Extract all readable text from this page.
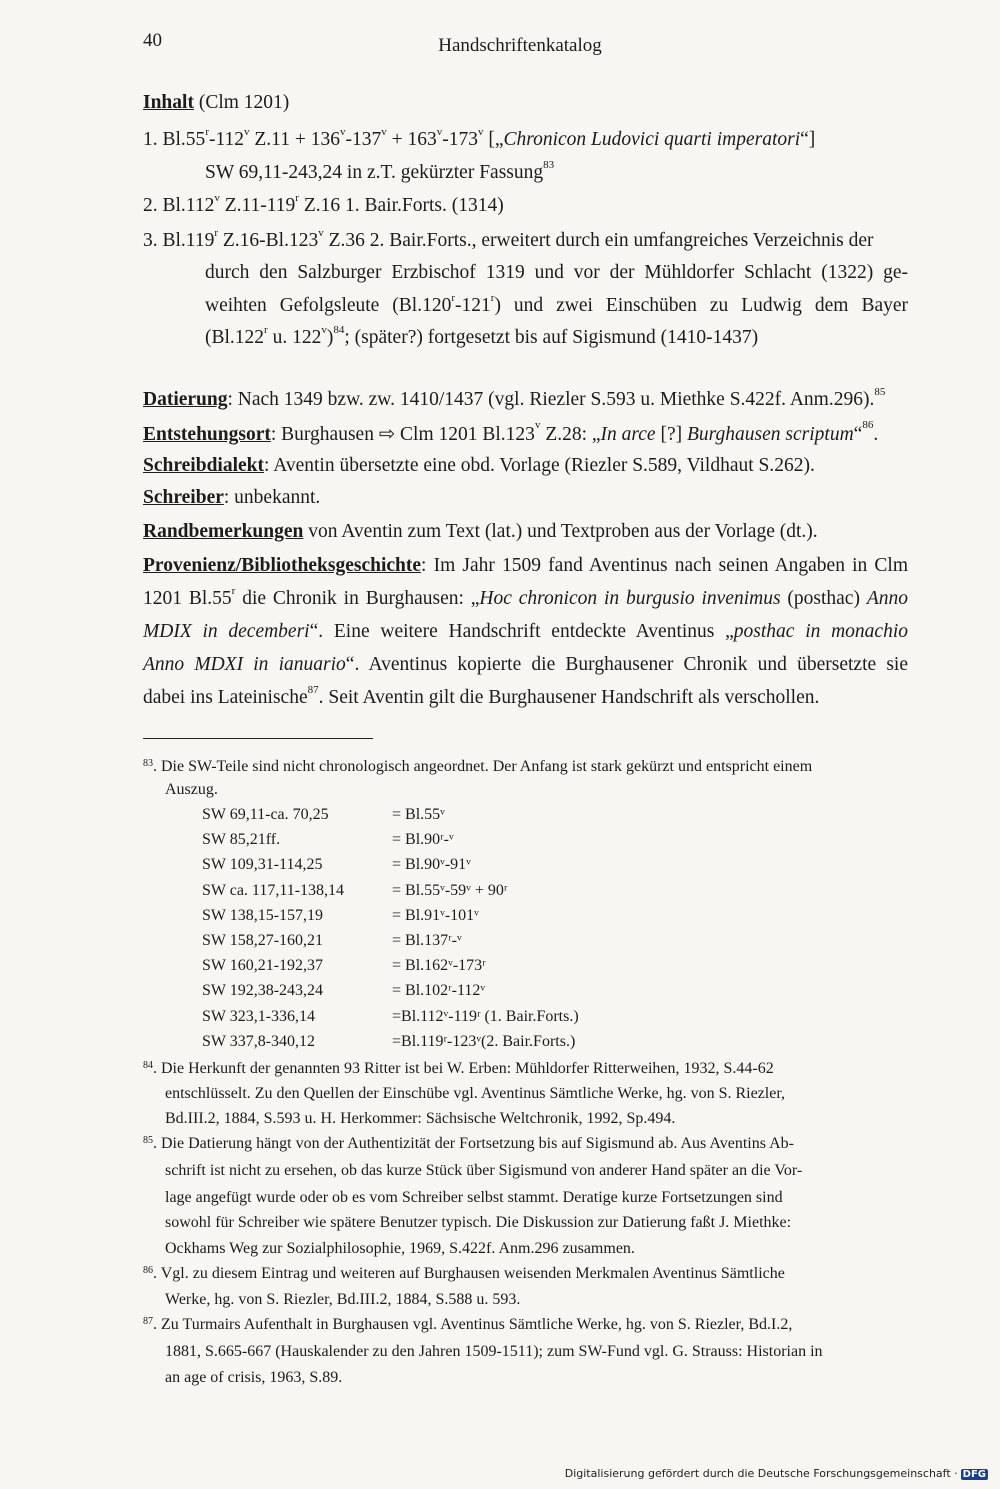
40	Handschriftenkatalog
Inhalt (Clm 1201)
1. Bl.55$^r$-112$^v$ $Z.11 + 136^v-137^v + 163^v-173^v$ [„Chronicon Ludovici quarti imperatori“]
SW 69,11-243,24 in z.T. gekürzter Fassung$^{83}$
2. Bl.112$^v$ Z.11-119$^r$ Z.16 1. Bair.Forts. (1314)
3. Bl.119$^r$ Z.16-Bl.123$^v$ Z.36 2. Bair.Forts., erweitert durch ein umfangreiches Verzeichnis der
durch den Salzburger Erzbischof 1319 und vor der Mühldorfer Schlacht (1322) ge-
weihten Gefolgsleute (Bl.120$^r$-121$^r$) und zwei Einschüben zu Ludwig dem Bayer
(Bl.122$^r$ u. 122$^v$)$^{84}$; (später?) fortgesetzt bis auf Sigismund (1410-1437)
Datierung: Nach 1349 bzw. zw. 1410/1437 (vgl. Riezler S.593 u. Miethke S.422f. Anm.296).$^{85}$
Entstehungsort: Burghausen ⇨ Clm 1201 Bl.123$^v$ Z.28: „In arce [?] Burghausen scriptum“$^{86}$.
Schreibdialekt: Aventin übersetzte eine obd. Vorlage (Riezler S.589, Vildhaut S.262).
Schreiber: unbekannt.
Randbemerkungen von Aventin zum Text (lat.) und Textproben aus der Vorlage (dt.).
Provenienz/Bibliotheksgeschichte: Im Jahr 1509 fand Aventinus nach seinen Angaben in Clm
1201 Bl.55$^r$ die Chronik in Burghausen: „Hoc chronicon in burgusio invenimus (posthac) Anno
MDIX in decemberi“. Eine weitere Handschrift entdeckte Aventinus „posthac in monachio
Anno MDXI in ianuario“. Aventinus kopierte die Burghausener Chronik und übersetzte sie
dabei ins Lateinische$^{87}$. Seit Aventin gilt die Burghausener Handschrift als verschollen.
$^{83}$. Die SW-Teile sind nicht chronologisch angeordnet. Der Anfang ist stark gekürzt und entspricht einem
Auszug.
$^{84}$. Die Herkunft der genannten 93 Ritter ist bei W. Erben: Mühldorfer Ritterweihen, 1932, S.44-62
entschlüsselt. Zu den Quellen der Einschübe vgl. Aventinus Sämtliche Werke, hg. von S. Riezler,
Bd.III.2, 1884, S.593 u. H. Herkommer: Sächsische Weltchronik, 1992, Sp.494.
$^{85}$. Die Datierung hängt von der Authentizität der Fortsetzung bis auf Sigismund ab. Aus Aventins Ab-
schrift ist nicht zu ersehen, ob das kurze Stück über Sigismund von anderer Hand später an die Vor-
lage angefügt wurde oder ob es vom Schreiber selbst stammt. Deratige kurze Fortsetzungen sind
sowohl für Schreiber wie spätere Benutzer typisch. Die Diskussion zur Datierung faßt J. Miethke:
Ockhams Weg zur Sozialphilosophie, 1969, S.422f. Anm.296 zusammen.
$^{86}$. Vgl. zu diesem Eintrag und weiteren auf Burghausen weisenden Merkmalen Aventinus Sämtliche
Werke, hg. von S. Riezler, Bd.III.2, 1884, S.588 u. 593.
$^{87}$. Zu Turmairs Aufenthalt in Burghausen vgl. Aventinus Sämtliche Werke, hg. von S. Riezler, Bd.I.2,
1881, S.665-667 (Hauskalender zu den Jahren 1509-1511); zum SW-Fund vgl. G. Strauss: Historian in
an age of crisis, 1963, S.89.
SW 69,11-ca. 70,25	= Bl.55ᵛ
SW 85,21ff.	= Bl.90ʳ-ᵛ
SW 109,31-114,25	= Bl.90ᵛ-91ᵛ
SW ca. 117,11-138,14	= Bl.55ᵛ-59ᵛ + 90ʳ
SW 138,15-157,19	= Bl.91ᵛ-101ᵛ
SW 158,27-160,21	= Bl.137ʳ-ᵛ
SW 160,21-192,37	= Bl.162ᵛ-173ʳ
SW 192,38-243,24	= Bl.102ʳ-112ᵛ
SW 323,1-336,14	=Bl.112ᵛ-119ʳ (1. Bair.Forts.)
SW 337,8-340,12	=Bl.119ʳ-123ᵛ(2. Bair.Forts.)
Digitalisierung gefördert durch die Deutsche Forschungsgemeinschaft · DFG
